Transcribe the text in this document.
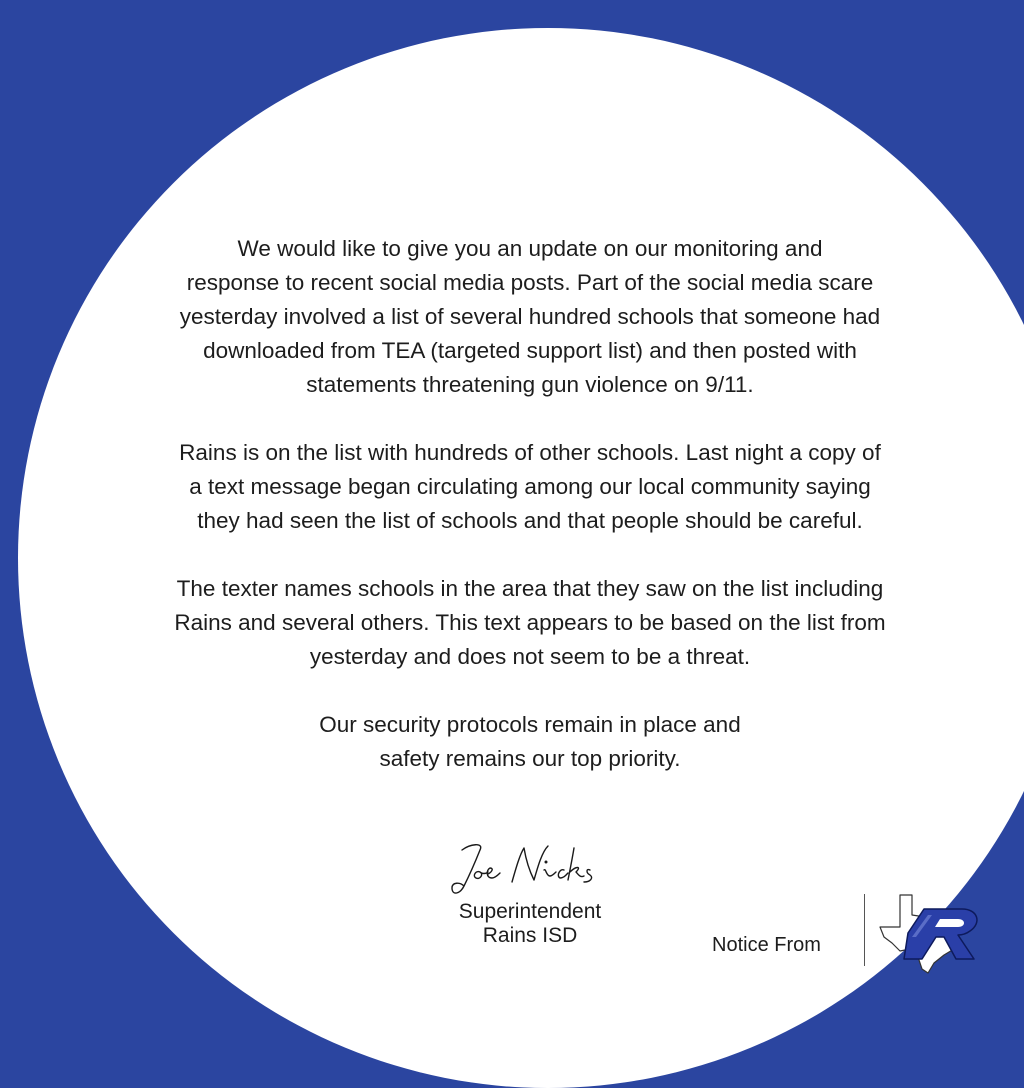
We would like to give you an update on our monitoring and
response to recent social media posts. Part of the social media scare
yesterday involved a list of several hundred schools that someone had
downloaded from TEA (targeted support list) and then posted with
statements threatening gun violence on 9/11.

Rains is on the list with hundreds of other schools. Last night a copy of
a text message began circulating among our local community saying
they had seen the list of schools and that people should be careful.

The texter names schools in the area that they saw on the list including
Rains and several others. This text appears to be based on the list from
yesterday and does not seem to be a threat.

Our security protocols remain in place and
safety remains our top priority.

Joe Nicks
Superintendent
Rains ISD	Notice From
